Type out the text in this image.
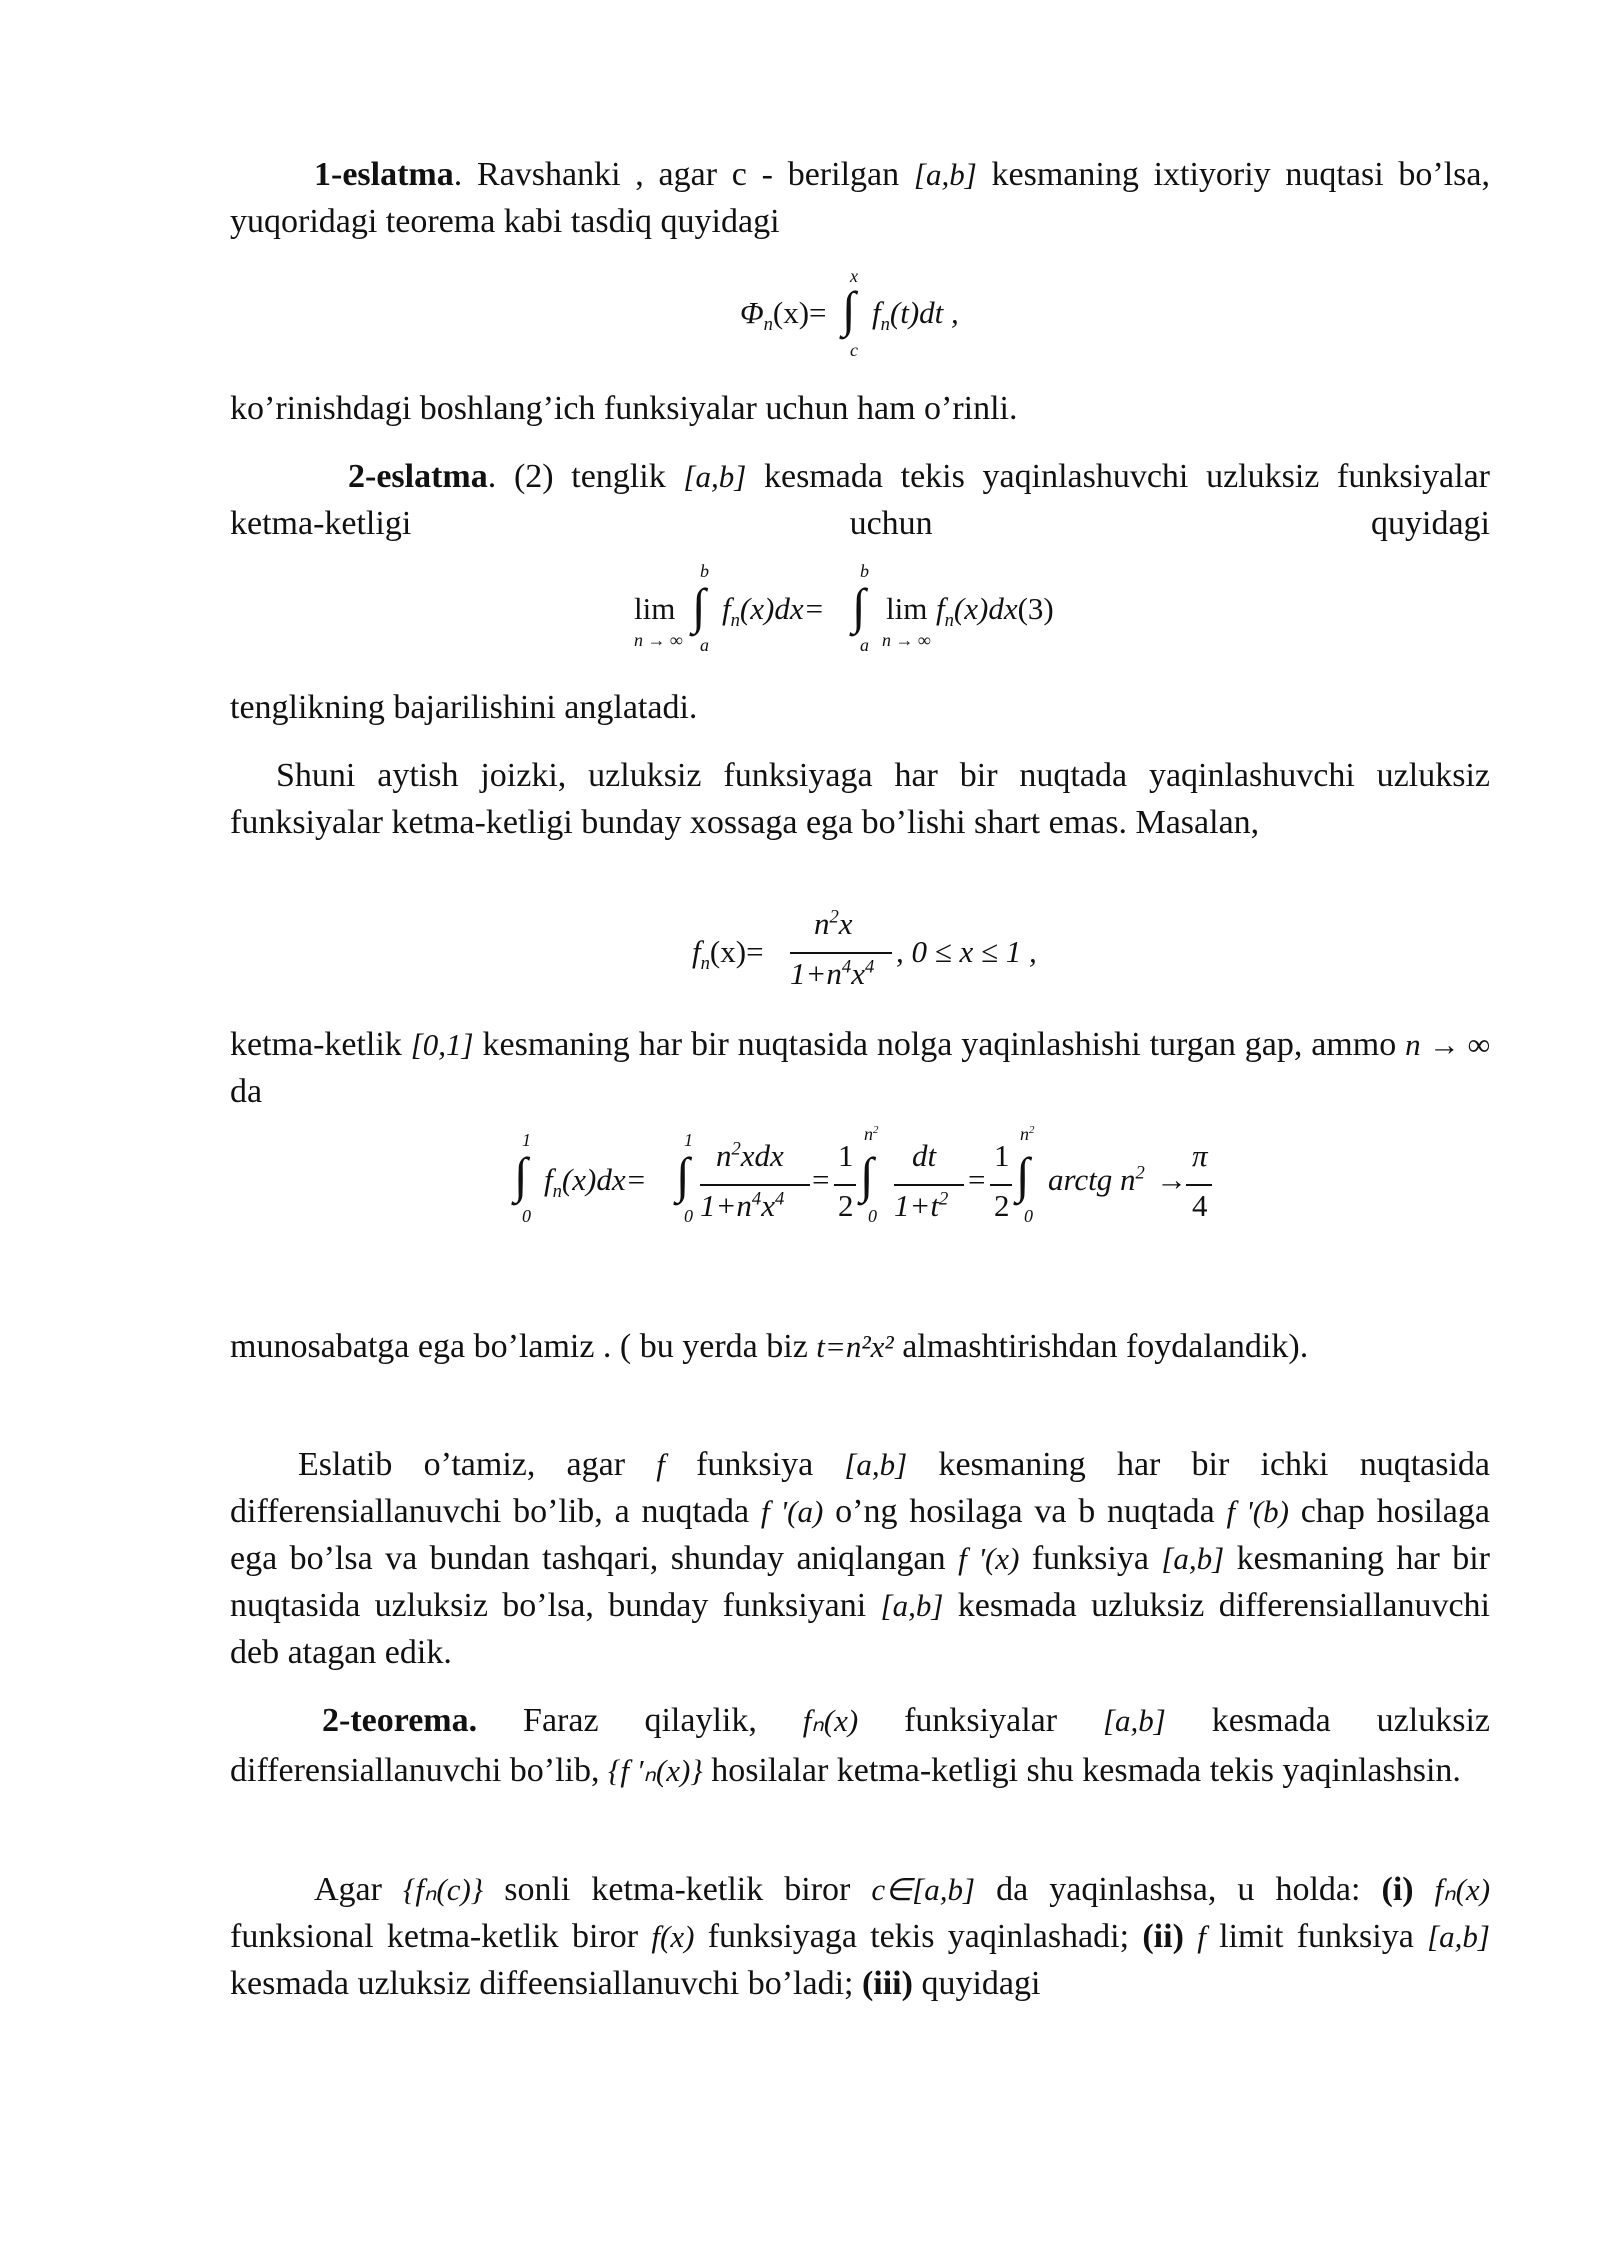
1-eslatma. Ravshanki , agar c - berilgan [a,b] kesmaning ixtiyoriy nuqtasi bo’lsa, yuqoridagi teorema kabi tasdiq quyidagi
$\Phi_n(x)=$
x
∫
c
$f_n(t)dt$ ,
ko’rinishdagi boshlang’ich funksiyalar uchun ham o’rinli.
2-eslatma. (2) tenglik [a,b] kesmada tekis yaqinlashuvchi uzluksiz funksiyalar ketma-ketligi uchun quyidagi
lim
n → ∞
b
∫
a
$f_n(x)dx=$
b
∫
a
lim
n → ∞
$f_n(x)dx(3)$
tenglikning bajarilishini anglatadi.
Shuni aytish joizki, uzluksiz funksiyaga har bir nuqtada yaqinlashuvchi uzluksiz funksiyalar ketma-ketligi bunday xossaga ega bo’lishi shart emas. Masalan,
$f_n(x)=$
$n^2x$
$1+n^4x^4$ , 0 ≤ x ≤ 1 ,
ketma-ketlik [0,1] kesmaning har bir nuqtasida nolga yaqinlashishi turgan gap, ammo n → ∞ da
1
∫
0
$f_n(x)dx=$
1
∫
0
$n^2xdx$
$1+n^4x^4$
=
1
2
$n^2$
∫
0
dt
$1+t^2$
=
1
2
$n^2$
∫
0
arctg $n^2$ →
π
4
munosabatga ega bo’lamiz . ( bu yerda biz t=n²x² almashtirishdan foydalandik).
Eslatib o’tamiz, agar f funksiya [a,b] kesmaning har bir ichki nuqtasida differensiallanuvchi bo’lib, a nuqtada f '(a) o’ng hosilaga va b nuqtada f '(b) chap hosilaga ega bo’lsa va bundan tashqari, shunday aniqlangan f '(x) funksiya [a,b] kesmaning har bir nuqtasida uzluksiz bo’lsa, bunday funksiyani [a,b] kesmada uzluksiz differensiallanuvchi deb atagan edik.
2-teorema. Faraz qilaylik, fₙ(x) funksiyalar [a,b] kesmada uzluksiz differensiallanuvchi bo’lib, {f ′ₙ(x)} hosilalar ketma-ketligi shu kesmada tekis yaqinlashsin.
Agar {fₙ(c)} sonli ketma-ketlik biror c∈[a,b] da yaqinlashsa, u holda: (i) fₙ(x) funksional ketma-ketlik biror f(x) funksiyaga tekis yaqinlashadi; (ii) f limit funksiya [a,b] kesmada uzluksiz diffeensiallanuvchi bo’ladi; (iii) quyidagi
